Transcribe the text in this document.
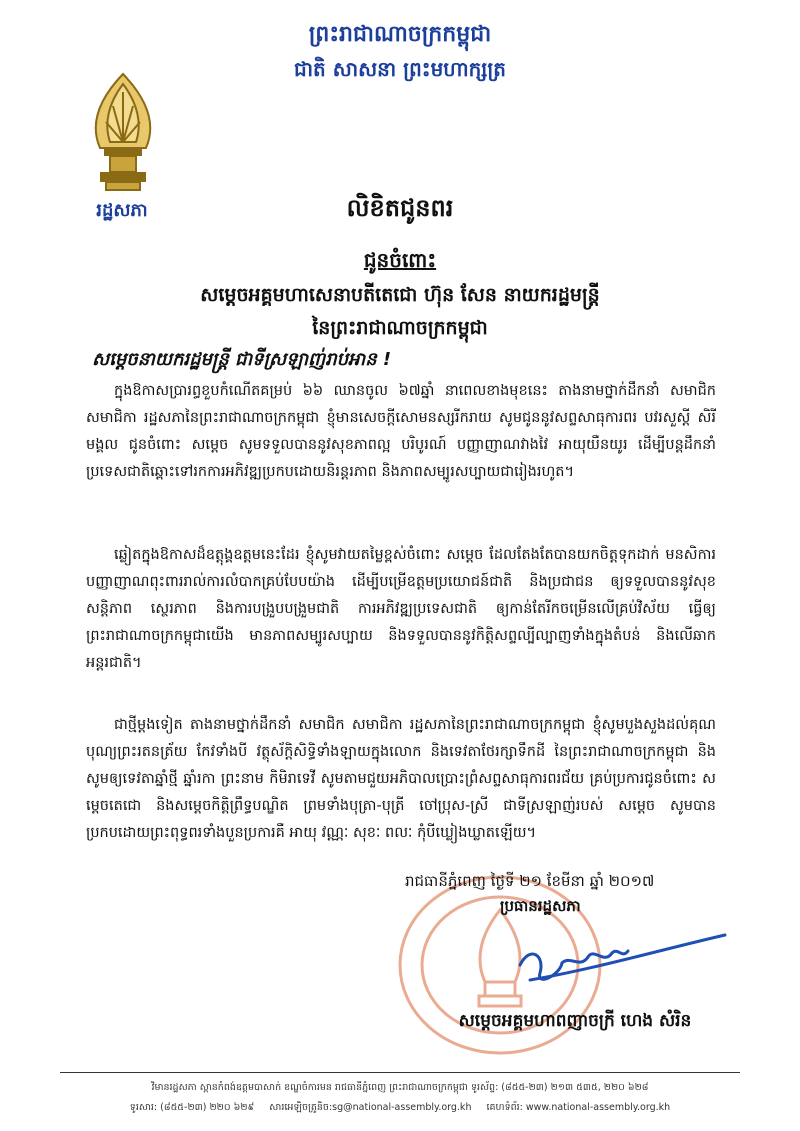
ព្រះរាជាណាចក្រកម្ពុជា
ជាតិ សាសនា ព្រះមហាក្សត្រ
រដ្ឋសភា	លិខិតជូនពរ
ជូនចំពោះ
សម្តេចអគ្គមហាសេនាបតីតេជោ ហ៊ុន សែន នាយករដ្ឋមន្ត្រី
នៃព្រះរាជាណាចក្រកម្ពុជា
សម្តេចនាយករដ្ឋមន្ត្រី ជាទីស្រឡាញ់រាប់អាន !
ក្នុងឱកាសប្រារព្ធខួបកំណើតគម្រប់ ៦៦ ឈានចូល ៦៧ឆ្នាំ នាពេលខាងមុខនេះ តាងនាមថ្នាក់ដឹកនាំ សមាជិក សមាជិកា រដ្ឋសភានៃព្រះរាជាណាចក្រកម្ពុជា ខ្ញុំមានសេចក្តីសោមនស្សរីករាយ សូមជូននូវសព្ទសាធុការពរ បវរសួស្តី សិរីមង្គល ជូនចំពោះ សម្តេច សូមទទួលបាននូវសុខភាពល្អ បរិបូរណ៍ បញ្ញាញាណវាងវៃ អាយុយឺនយូរ ដើម្បីបន្តដឹកនាំប្រទេសជាតិឆ្ពោះទៅរកការអភិវឌ្ឍប្រកបដោយនិរន្តរភាព និងភាពសម្បូរសប្បាយជារៀងរហូត។
ឆ្លៀតក្នុងឱកាសដ៏ឧត្តុង្គឧត្តមនេះដែរ ខ្ញុំសូមវាយតម្លៃខ្ពស់ចំពោះ សម្តេច ដែលតែងតែបានយកចិត្តទុកដាក់ មនសិការបញ្ញាញាណពុះពាររាល់ការលំបាកគ្រប់បែបយ៉ាង ដើម្បីបម្រើឧត្តមប្រយោជន៍ជាតិ និងប្រជាជន ឲ្យទទួលបាននូវសុខសន្តិភាព ស្ថេរភាព និងការបង្រួបបង្រួមជាតិ ការអភិវឌ្ឍប្រទេសជាតិ ឲ្យកាន់តែរីកចម្រើនលើគ្រប់វិស័យ ធ្វើឲ្យព្រះរាជាណាចក្រកម្ពុជាយើង មានភាពសម្បូរសប្បាយ និងទទួលបាននូវកិត្តិសព្ទល្បីល្បាញទាំងក្នុងតំបន់ និងលើឆាកអន្តរជាតិ។
ជាថ្មីម្តងទៀត តាងនាមថ្នាក់ដឹកនាំ សមាជិក សមាជិកា រដ្ឋសភានៃព្រះរាជាណាចក្រកម្ពុជា ខ្ញុំសូមបួងសួងដល់គុណបុណ្យព្រះរតនត្រ័យ កែវទាំងបី វត្ថុស័ក្តិសិទ្ធិទាំងឡាយក្នុងលោក និងទេវតាថែរក្សាទឹកដី នៃព្រះរាជាណាចក្រកម្ពុជា និងសូមឲ្យទេវតាឆ្នាំថ្មី ឆ្នាំរកា ព្រះនាម កិមិរាទេវី សូមតាមជួយអភិបាលប្រោះព្រំសព្ទសាធុការពរជ័យ គ្រប់ប្រការជូនចំពោះ សម្តេចតេជោ និងសម្តេចកិត្តិព្រឹទ្ធបណ្ឌិត ព្រមទាំងបុត្រា-បុត្រី ចៅប្រុស-ស្រី ជាទីស្រឡាញ់របស់ សម្តេច សូមបានប្រកបដោយព្រះពុទ្ធពរទាំងបួនប្រការគឺ អាយុ វណ្ណៈ សុខៈ ពលៈ កុំបីឃ្លៀងឃ្លាតឡើយ។
រាជធានីភ្នំពេញ ថ្ងៃទី ២១ ខែមីនា ឆ្នាំ ២០១៧
ប្រធានរដ្ឋសភា
សម្តេចអគ្គមហាពញាចក្រី ហេង សំរិន
វិមានរដ្ឋសភា ស្ពានកំពង់ឧត្តមបាសាក់ ខណ្ឌចំការមន រាជធានីភ្នំពេញ ព្រះរាជាណាចក្រកម្ពុជា ទូរស័ព្ទ: (៨៥៥-២៣) ២១៣ ៥៣៥, ២២០ ៦២៨
ទូរសារ: (៨៥៥-២៣) ២២០ ៦២៩ សារអេឡិចត្រូនិច:sg@national-assembly.org.kh គេហទំព័រ: www.national-assembly.org.kh
